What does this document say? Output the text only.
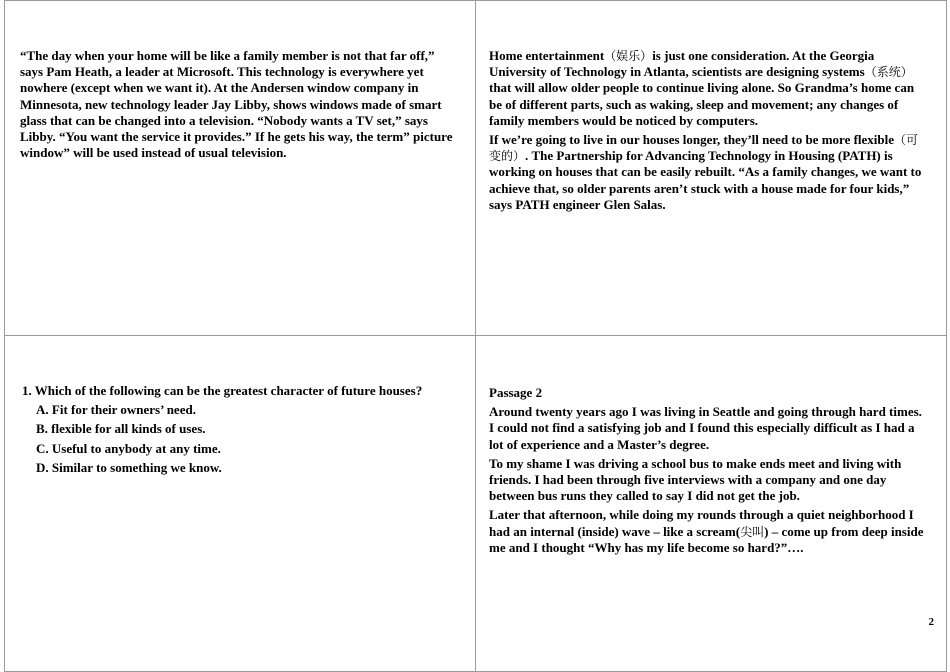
“The day when your home will be like a family member is not that far off,” says Pam Heath, a leader at Microsoft. This technology is everywhere yet nowhere (except when we want it). At the Andersen window company in Minnesota, new technology leader Jay Libby, shows windows made of smart glass that can be changed into a television. “Nobody wants a TV set,” says Libby. “You want the service it provides.” If he gets his way, the term” picture window” will be used instead of usual television.

Home entertainment（娱乐）is just one consideration. At the Georgia University of Technology in Atlanta, scientists are designing systems（系统）that will allow older people to continue living alone. So Grandma’s home can be of different parts, such as waking, sleep and movement; any changes of family members would be noticed by computers.

If we’re going to live in our houses longer, they’ll need to be more flexible（可变的）. The Partnership for Advancing Technology in Housing (PATH) is working on houses that can be easily rebuilt. “As a family changes, we want to achieve that, so older parents aren’t stuck with a house made for four kids,” says PATH engineer Glen Salas.

1. Which of the following can be the greatest character of future houses?

A. Fit for their owners’ need.

B. flexible for all kinds of uses.

C. Useful to anybody at any time.

D. Similar to something we know.

Passage 2

Around twenty years ago I was living in Seattle and going through hard times. I could not find a satisfying job and I found this especially difficult as I had a lot of experience and a Master’s degree.

To my shame I was driving a school bus to make ends meet and living with friends. I had been through five interviews with a company and one day between bus runs they called to say I did not get the job.

Later that afternoon, while doing my rounds through a quiet neighborhood I had an internal (inside) wave – like a scream(尖叫) – come up from deep inside me and I thought “Why has my life become so hard?”….

2
